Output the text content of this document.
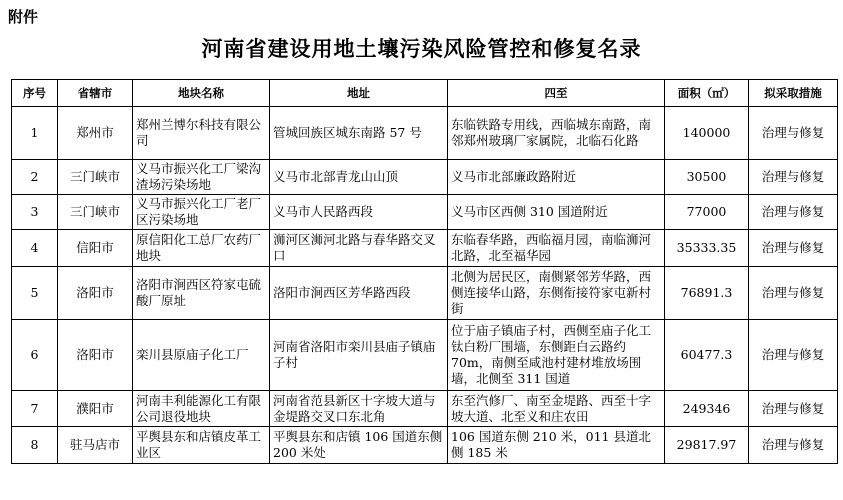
附件
河南省建设用地土壤污染风险管控和修复名录
序号	省辖市	地块名称	地址	四至	面积（㎡）	拟采取措施
1	郑州市	郑州兰博尔科技有限公司	管城回族区城东南路 57 号	东临铁路专用线，西临城东南路，南邻郑州玻璃厂家属院，北临石化路	140000	治理与修复
2	三门峡市	义马市振兴化工厂梁沟渣场污染场地	义马市北部青龙山山顶	义马市北部廉政路附近	30500	治理与修复
3	三门峡市	义马市振兴化工厂老厂区污染场地	义马市人民路西段	义马市区西侧 310 国道附近	77000	治理与修复
4	信阳市	原信阳化工总厂农药厂地块	浉河区浉河北路与春华路交叉口	东临春华路，西临福月园，南临浉河北路，北至福华园	35333.35	治理与修复
5	洛阳市	洛阳市涧西区符家屯硫酸厂原址	洛阳市涧西区芳华路西段	北侧为居民区，南侧紧邻芳华路，西侧连接华山路，东侧衔接符家屯新村街	76891.3	治理与修复
6	洛阳市	栾川县原庙子化工厂	河南省洛阳市栾川县庙子镇庙子村	位于庙子镇庙子村，西侧至庙子化工钛白粉厂围墙，东侧距白云路约 70m，南侧至咸池村建材堆放场围墙，北侧至 311 国道	60477.3	治理与修复
7	濮阳市	河南丰利能源化工有限公司退役地块	河南省范县新区十字坡大道与金堤路交叉口东北角	东至汽修厂、南至金堤路、西至十字坡大道、北至义和庄农田	249346	治理与修复
8	驻马店市	平舆县东和店镇皮革工业区	平舆县东和店镇 106 国道东侧 200 米处	106 国道东侧 210 米，011 县道北侧 185 米	29817.97	治理与修复
